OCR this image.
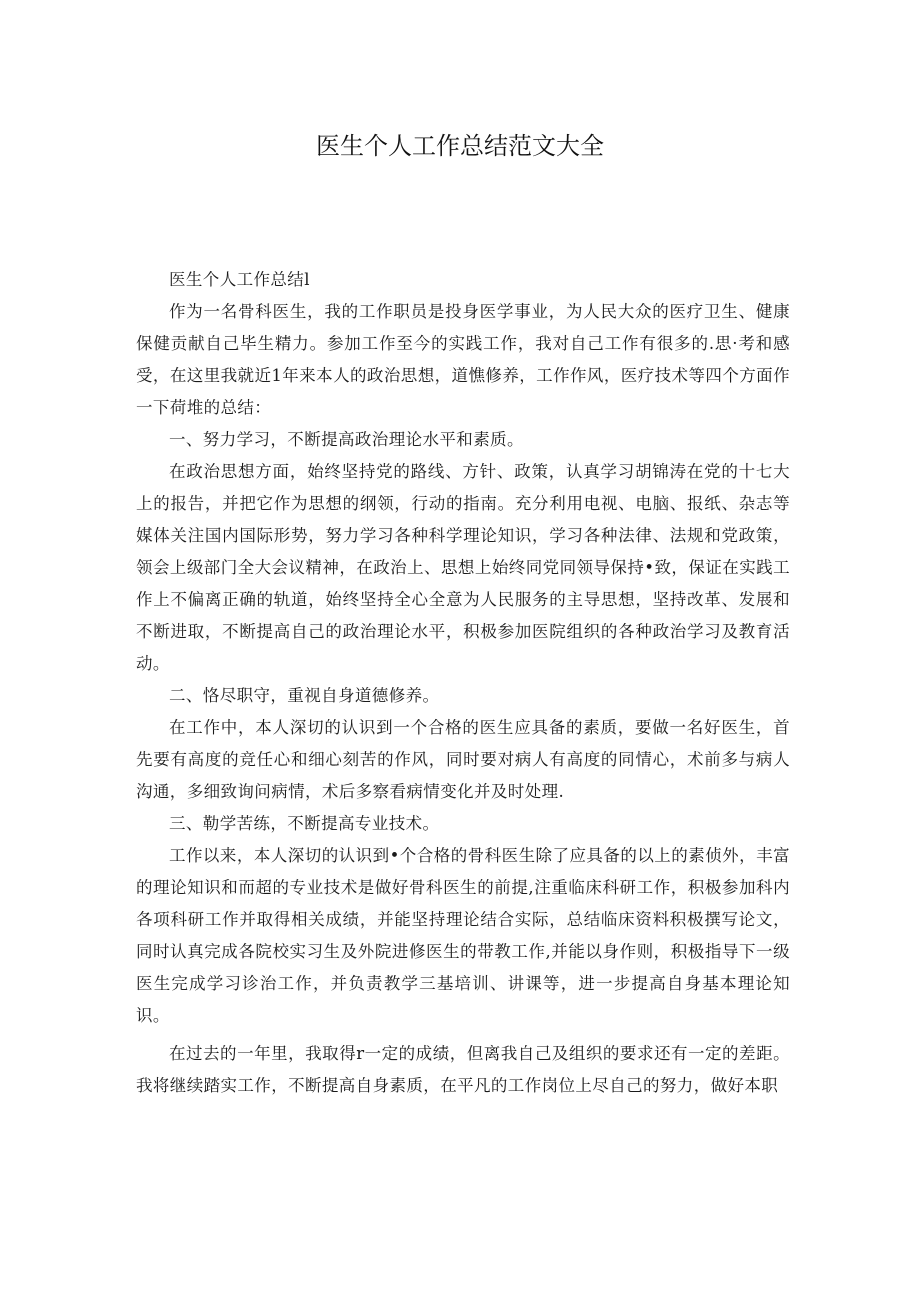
医生个人工作总结范文大全

医生个人工作总结l

作为一名骨科医生，我的工作职员是投身医学事业，为人民大众的医疗卫生、健康保健贡献自己毕生精力。参加工作至今的实践工作，我对自己工作有很多的.思·考和感受，在这里我就近1年来本人的政治思想，道憔修养，工作作风，医疗技术等四个方面作一下荷堆的总结：

一、努力学习，不断提高政治理论水平和素质。

在政治思想方面，始终坚持党的路线、方针、政策，认真学习胡锦涛在党的十七大上的报告，并把它作为思想的纲领，行动的指南。充分利用电视、电脑、报纸、杂志等媒体关注国内国际形势，努力学习各种科学理论知识，学习各种法律、法规和党政策，领会上级部门全大会议精神，在政治上、思想上始终同党同领导保持•致，保证在实践工作上不偏离正确的轨道，始终坚持全心全意为人民服务的主导思想，坚持改革、发展和不断进取，不断提高自己的政治理论水平，积极参加医院组织的各种政治学习及教育活动。

二、恪尽职守，重视自身道德修养。

在工作中，本人深切的认识到一个合格的医生应具备的素质，要做一名好医生，首先要有高度的竞任心和细心刻苦的作风，同时要对病人有高度的同情心，术前多与病人沟通，多细致询问病情，术后多察看病情变化并及时处理.

三、勒学苦练，不断提高专业技术。

工作以来，本人深切的认识到•个合格的骨科医生除了应具备的以上的素侦外，丰富的理论知识和而超的专业技术是做好骨科医生的前提,注重临床科研工作，积极参加科内各项科研工作并取得相关成绩，并能坚持理论结合实际，总结临床资料积极撰写论文，同时认真完成各院校实习生及外院进修医生的带教工作,并能以身作则，积极指导下一级医生完成学习诊治工作，并负责教学三基培训、讲课等，进一步提高自身基本理论知识。

在过去的一年里，我取得r一定的成绩，但离我自己及组织的要求还有一定的差距。我将继续踏实工作，不断提高自身素质，在平凡的工作岗位上尽自己的努力，做好本职
